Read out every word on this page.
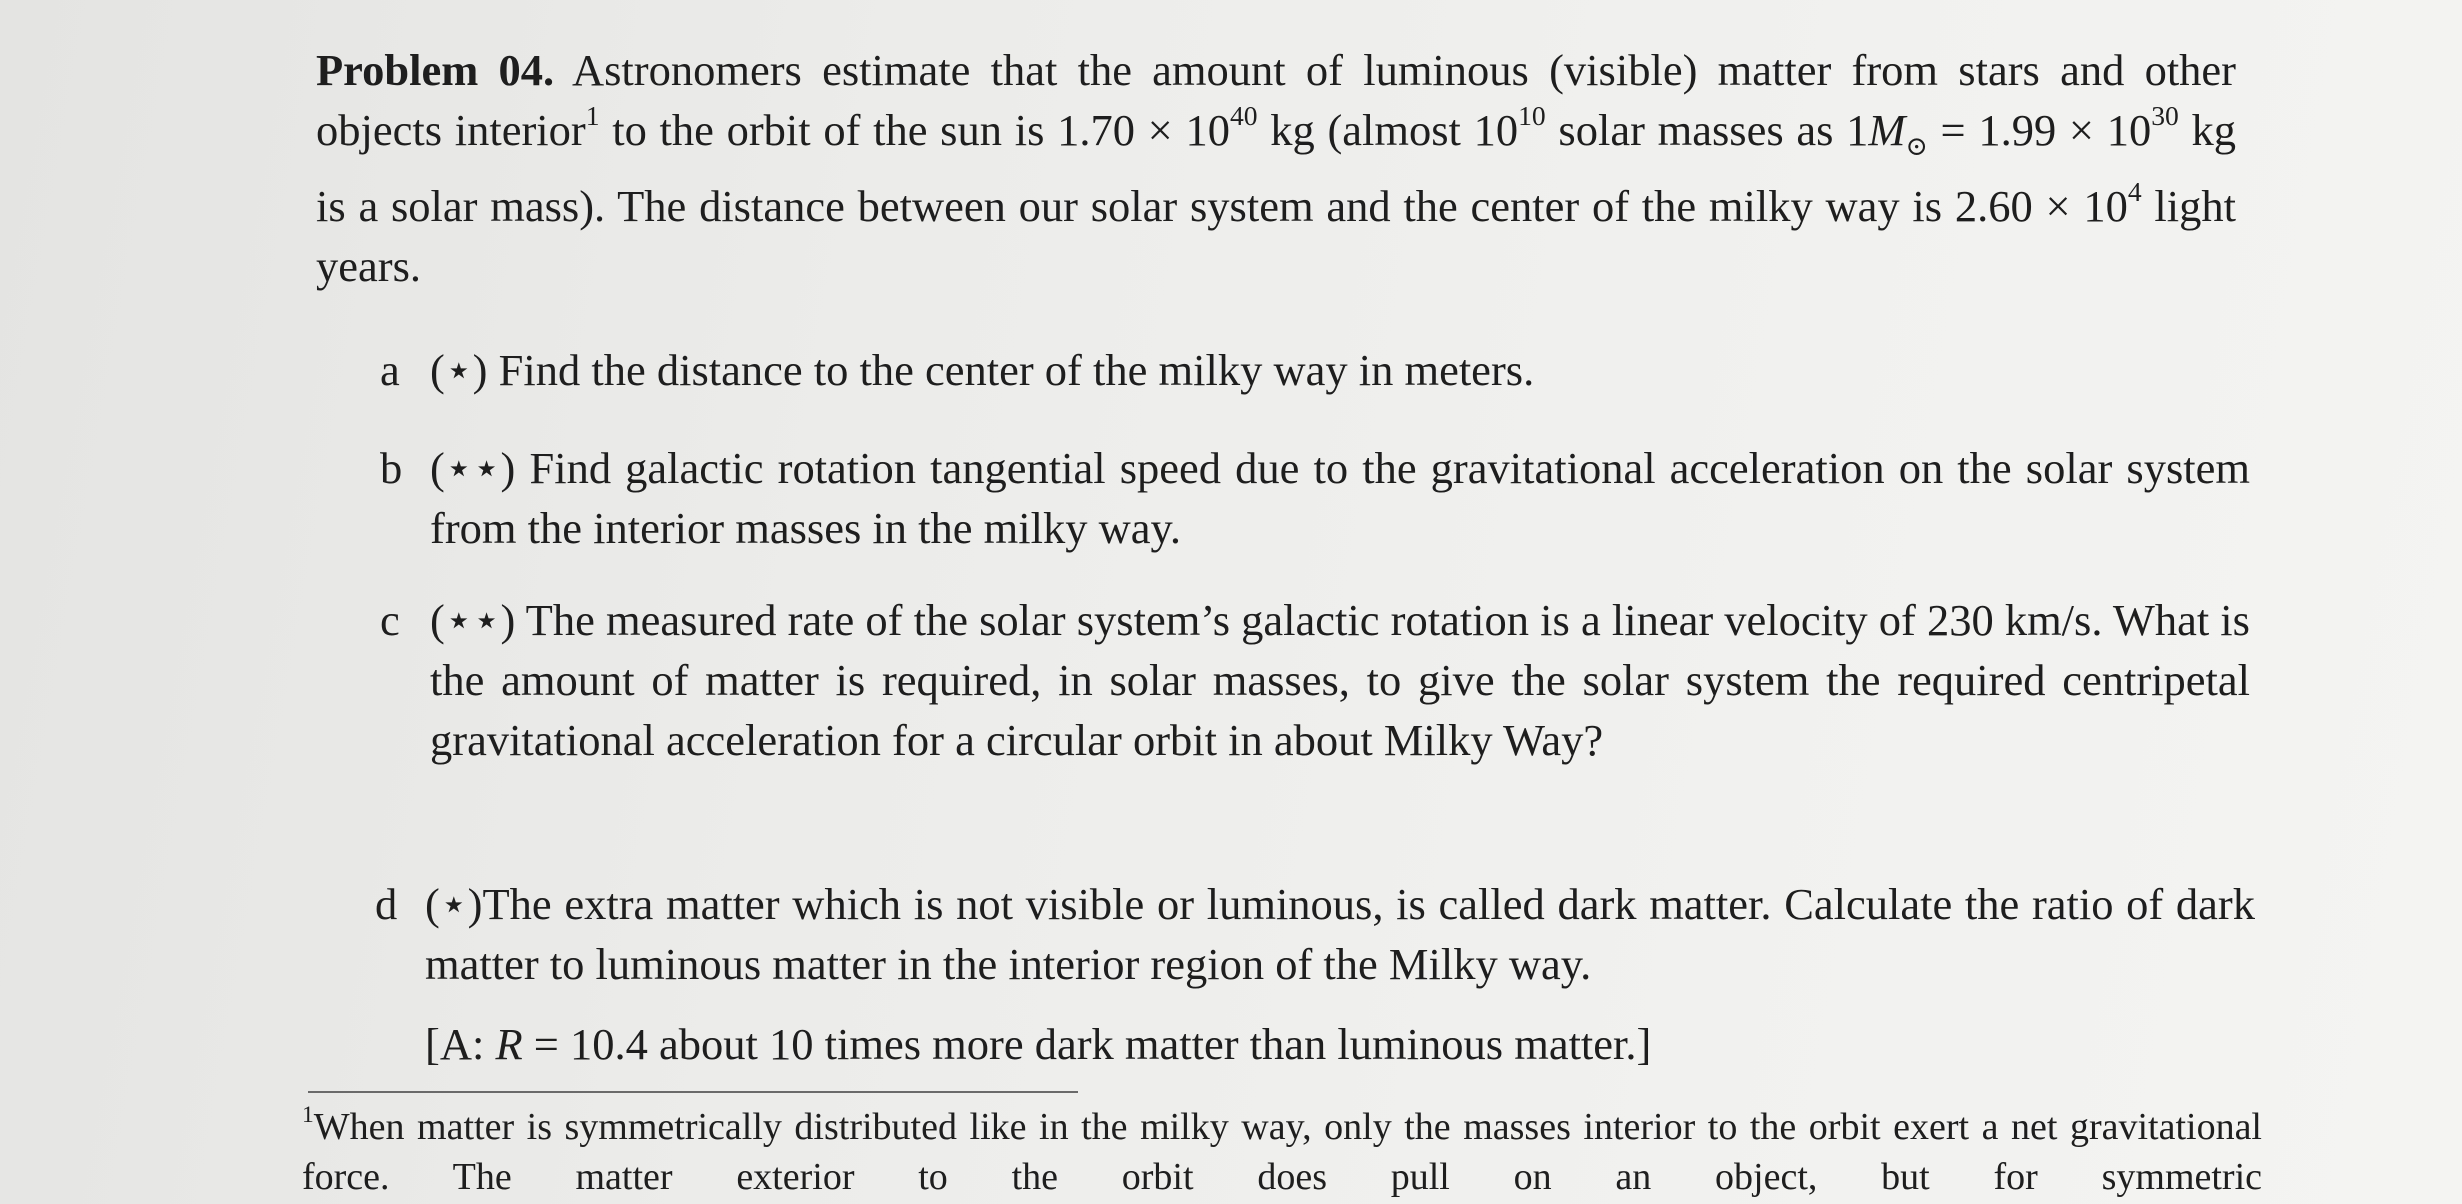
Problem 04. Astronomers estimate that the amount of luminous (visible) matter from stars and other objects interior$^1$ to the orbit of the sun is $1.70 \times 10^{40}$ kg (almost $10^{10}$ solar masses as $1M_⊙ = 1.99 \times 10^{30}$ kg is a solar mass). The distance between our solar system and the center of the milky way is $2.60 \times 10^4$ light years.
a (⋆) Find the distance to the center of the milky way in meters.
b (⋆⋆) Find galactic rotation tangential speed due to the gravitational acceleration on the solar system from the interior masses in the milky way.
c (⋆⋆) The measured rate of the solar system’s galactic rotation is a linear velocity of 230 km/s. What is the amount of matter is required, in solar masses, to give the solar system the required centripetal gravitational acceleration for a circular orbit in about Milky Way?
d (⋆)The extra matter which is not visible or luminous, is called dark matter. Calculate the ratio of dark matter to luminous matter in the interior region of the Milky way.
[A: R = 10.4 about 10 times more dark matter than luminous matter.]
$^1$When matter is symmetrically distributed like in the milky way, only the masses interior to the orbit exert a net gravitational force. The matter exterior to the orbit does pull on an object, but for symmetric
